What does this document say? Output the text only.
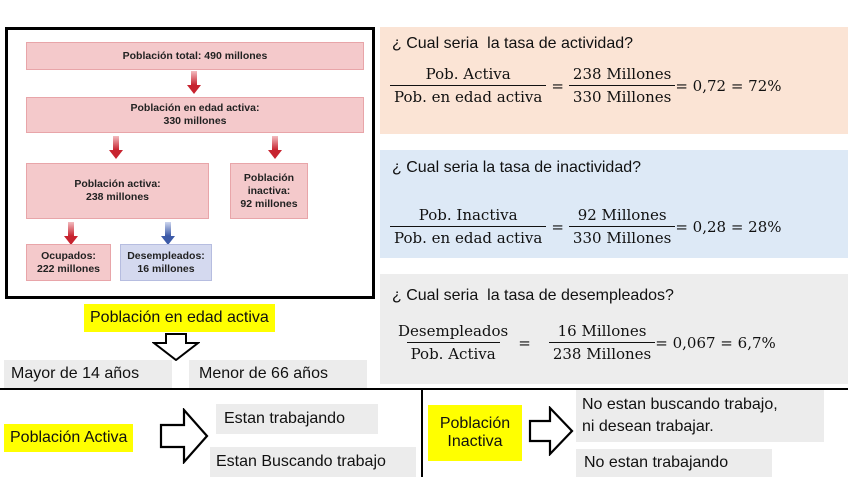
Población total: 490 millones
Población en edad activa:
330 millones
Población activa:
238 millones
Población
inactiva:
92 millones
Ocupados:
222 millones
Desempleados:
16 millones
¿ Cual seria  la tasa de actividad?
$\frac{\text{Pob. Activa}}{\text{Pob. en edad activa}} = \frac{\text{238 Millones}}{\text{330 Millones}} = 0,72 = 72\%$
¿ Cual seria la tasa de inactividad?
$\frac{\text{Pob. Inactiva}}{\text{Pob. en edad activa}} = \frac{\text{92 Millones}}{\text{330 Millones}} = 0,28 = 28\%$
¿ Cual seria  la tasa de desempleados?
$\frac{\text{Desempleados}}{\text{Pob. Activa}} = \frac{\text{16 Millones}}{\text{238 Millones}} = 0,067 = 6,7\%$
Población en edad activa
Mayor de 14 años	Menor de 66 años
Población Activa
Estan trabajando
Estan Buscando trabajo
Población
Inactiva
No estan buscando trabajo,
ni desean trabajar.
No estan trabajando
